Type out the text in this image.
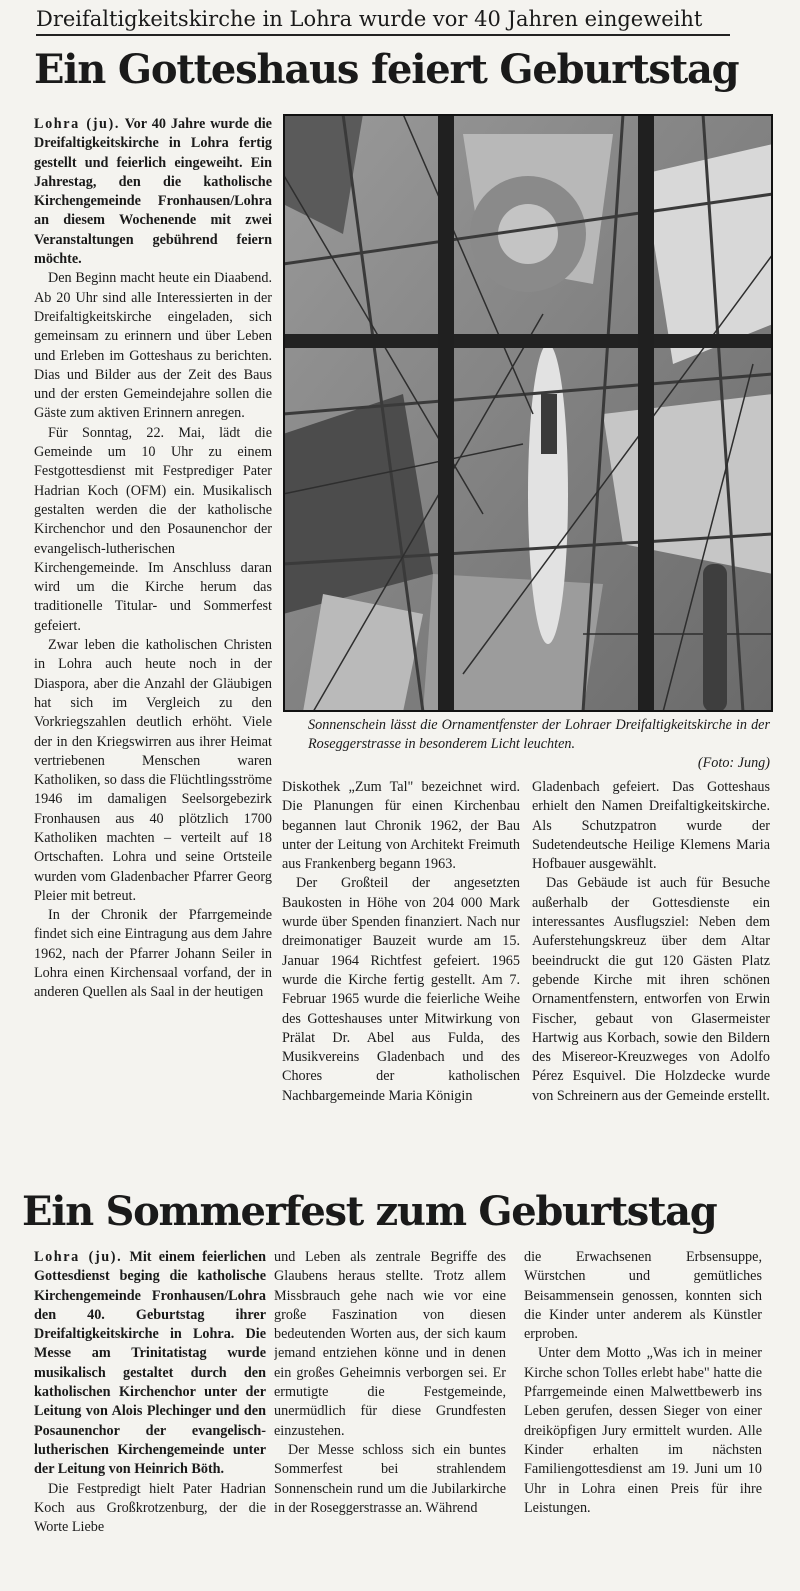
Dreifaltigkeitskirche in Lohra wurde vor 40 Jahren eingeweiht
Ein Gotteshaus feiert Geburtstag

Lohra (ju). Vor 40 Jahre wurde die Dreifaltigkeitskirche in Lohra fertig gestellt und feierlich eingeweiht. Ein Jahrestag, den die katholische Kirchengemeinde Fronhausen/Lohra an diesem Wochenende mit zwei Veranstaltungen gebührend feiern möchte.

Den Beginn macht heute ein Diaabend. Ab 20 Uhr sind alle Interessierten in der Dreifaltigkeitskirche eingeladen, sich gemeinsam zu erinnern und über Leben und Erleben im Gotteshaus zu berichten. Dias und Bilder aus der Zeit des Baus und der ersten Gemeindejahre sollen die Gäste zum aktiven Erinnern anregen.

Für Sonntag, 22. Mai, lädt die Gemeinde um 10 Uhr zu einem Festgottesdienst mit Festprediger Pater Hadrian Koch (OFM) ein. Musikalisch gestalten werden die der katholische Kirchenchor und den Posaunenchor der evangelisch-lutherischen Kirchengemeinde. Im Anschluss daran wird um die Kirche herum das traditionelle Titular- und Sommerfest gefeiert.

Zwar leben die katholischen Christen in Lohra auch heute noch in der Diaspora, aber die Anzahl der Gläubigen hat sich im Vergleich zu den Vorkriegszahlen deutlich erhöht. Viele der in den Kriegswirren aus ihrer Heimat vertriebenen Menschen waren Katholiken, so dass die Flüchtlingsströme 1946 im damaligen Seelsorgebezirk Fronhausen aus 40 plötzlich 1700 Katholiken machten – verteilt auf 18 Ortschaften. Lohra und seine Ortsteile wurden vom Gladenbacher Pfarrer Georg Pleier mit betreut.

In der Chronik der Pfarrgemeinde findet sich eine Eintragung aus dem Jahre 1962, nach der Pfarrer Johann Seiler in Lohra einen Kirchensaal vorfand, der in anderen Quellen als Saal in der heutigen

Sonnenschein lässt die Ornamentfenster der Lohraer Dreifaltigkeitskirche in der Roseggerstrasse in besonderem Licht leuchten.
(Foto: Jung)

Diskothek „Zum Tal" bezeichnet wird. Die Planungen für einen Kirchenbau begannen laut Chronik 1962, der Bau unter der Leitung von Architekt Freimuth aus Frankenberg begann 1963.

Der Großteil der angesetzten Baukosten in Höhe von 204 000 Mark wurde über Spenden finanziert. Nach nur dreimonatiger Bauzeit wurde am 15. Januar 1964 Richtfest gefeiert. 1965 wurde die Kirche fertig gestellt. Am 7. Februar 1965 wurde die feierliche Weihe des Gotteshauses unter Mitwirkung von Prälat Dr. Abel aus Fulda, des Musikvereins Gladenbach und des Chores der katholischen Nachbargemeinde Maria Königin

Gladenbach gefeiert. Das Gotteshaus erhielt den Namen Dreifaltigkeitskirche. Als Schutzpatron wurde der Sudetendeutsche Heilige Klemens Maria Hofbauer ausgewählt.

Das Gebäude ist auch für Besuche außerhalb der Gottesdienste ein interessantes Ausflugsziel: Neben dem Auferstehungskreuz über dem Altar beeindruckt die gut 120 Gästen Platz gebende Kirche mit ihren schönen Ornamentfenstern, entworfen von Erwin Fischer, gebaut von Glasermeister Hartwig aus Korbach, sowie den Bildern des Misereor-Kreuzweges von Adolfo Pérez Esquivel. Die Holzdecke wurde von Schreinern aus der Gemeinde erstellt.

Ein Sommerfest zum Geburtstag

Lohra (ju). Mit einem feierlichen Gottesdienst beging die katholische Kirchengemeinde Fronhausen/Lohra den 40. Geburtstag ihrer Dreifaltigkeitskirche in Lohra. Die Messe am Trinitatistag wurde musikalisch gestaltet durch den katholischen Kirchenchor unter der Leitung von Alois Plechinger und den Posaunenchor der evangelisch-lutherischen Kirchengemeinde unter der Leitung von Heinrich Böth.

Die Festpredigt hielt Pater Hadrian Koch aus Großkrotzenburg, der die Worte Liebe

und Leben als zentrale Begriffe des Glaubens heraus stellte. Trotz allem Missbrauch gehe nach wie vor eine große Faszination von diesen bedeutenden Worten aus, der sich kaum jemand entziehen könne und in denen ein großes Geheimnis verborgen sei. Er ermutigte die Festgemeinde, unermüdlich für diese Grundfesten einzustehen.

Der Messe schloss sich ein buntes Sommerfest bei strahlendem Sonnenschein rund um die Jubilarkirche in der Roseggerstrasse an. Während

die Erwachsenen Erbsensuppe, Würstchen und gemütliches Beisammensein genossen, konnten sich die Kinder unter anderem als Künstler erproben.

Unter dem Motto „Was ich in meiner Kirche schon Tolles erlebt habe" hatte die Pfarrgemeinde einen Malwettbewerb ins Leben gerufen, dessen Sieger von einer dreiköpfigen Jury ermittelt wurden. Alle Kinder erhalten im nächsten Familiengottesdienst am 19. Juni um 10 Uhr in Lohra einen Preis für ihre Leistungen.
